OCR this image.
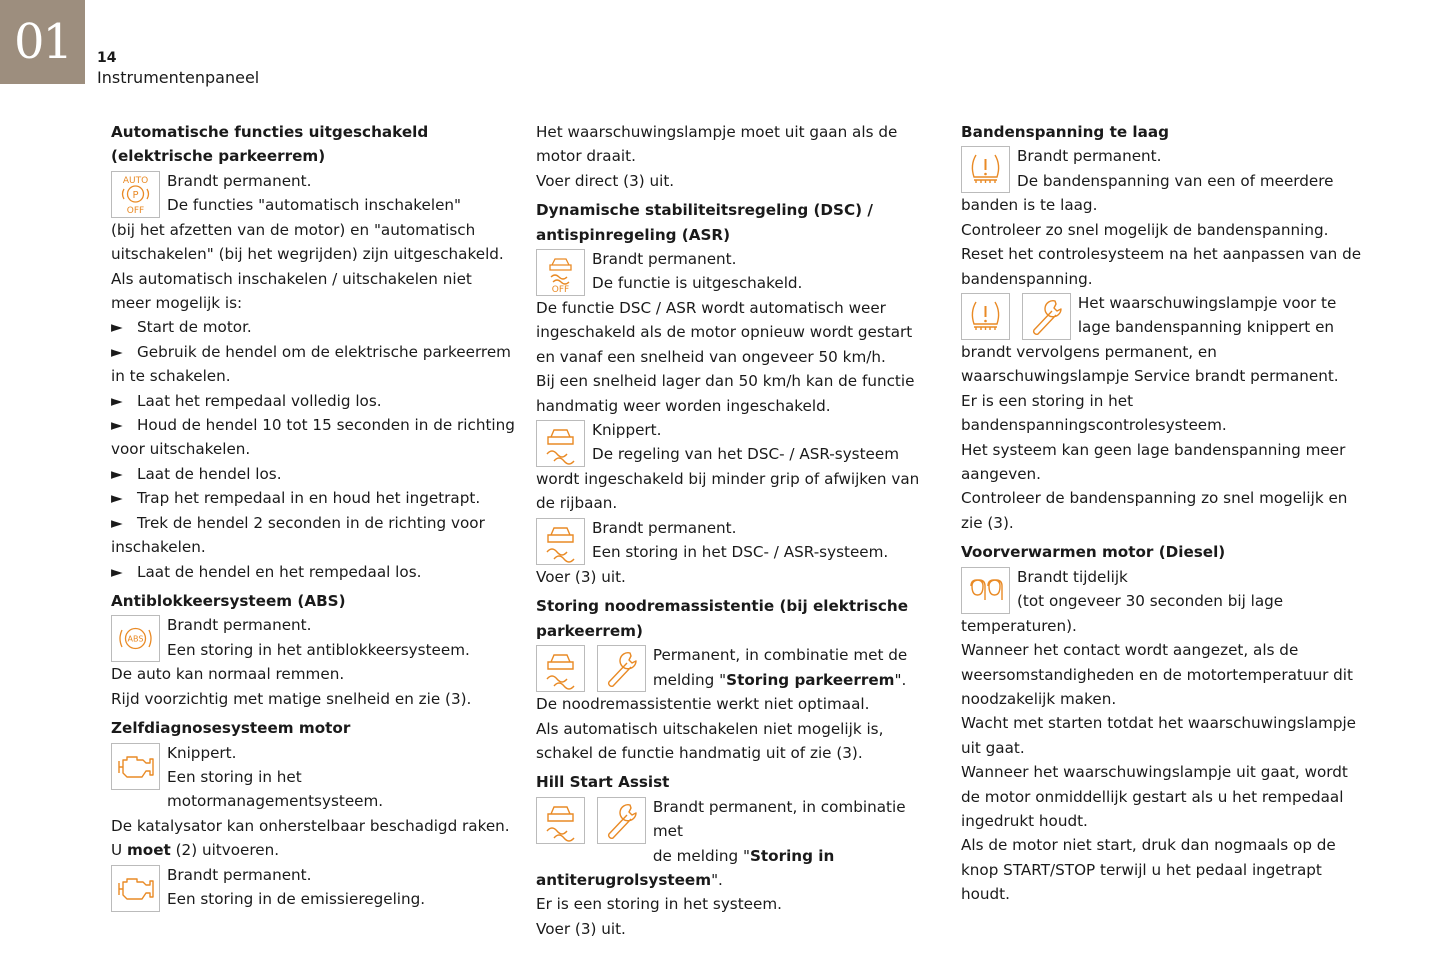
01	14
Instrumentenpaneel
Automatische functies uitgeschakeld (elektrische parkeerrem)
AUTO
P
OFF
Brandt permanent.
De functies "automatisch inschakelen"
(bij het afzetten van de motor) en "automatisch uitschakelen" (bij het wegrijden) zijn uitgeschakeld.
Als automatisch inschakelen / uitschakelen niet meer mogelijk is:
► Start de motor.
► Gebruik de hendel om de elektrische parkeerrem in te schakelen.
► Laat het rempedaal volledig los.
► Houd de hendel 10 tot 15 seconden in de richting voor uitschakelen.
► Laat de hendel los.
► Trap het rempedaal in en houd het ingetrapt.
► Trek de hendel 2 seconden in de richting voor inschakelen.
► Laat de hendel en het rempedaal los.
Antiblokkeersysteem (ABS)
ABS
Brandt permanent.
Een storing in het antiblokkeersysteem.
De auto kan normaal remmen.
Rijd voorzichtig met matige snelheid en zie (3).
Zelfdiagnosesysteem motor
Knippert.
Een storing in het motormanagementsysteem.
De katalysator kan onherstelbaar beschadigd raken.
U moet (2) uitvoeren.
Brandt permanent.
Een storing in de emissieregeling.
Het waarschuwingslampje moet uit gaan als de motor draait.
Voer direct (3) uit.
Dynamische stabiliteitsregeling (DSC) / antispinregeling (ASR)
OFF
Brandt permanent.
De functie is uitgeschakeld.
De functie DSC / ASR wordt automatisch weer ingeschakeld als de motor opnieuw wordt gestart en vanaf een snelheid van ongeveer 50 km/h.
Bij een snelheid lager dan 50 km/h kan de functie handmatig weer worden ingeschakeld.
Knippert.
De regeling van het DSC- / ASR-systeem
wordt ingeschakeld bij minder grip of afwijken van de rijbaan.
Brandt permanent.
Een storing in het DSC- / ASR-systeem.
Voer (3) uit.
Storing noodremassistentie (bij elektrische parkeerrem)

Permanent, in combinatie met de
melding "Storing parkeerrem".
De noodremassistentie werkt niet optimaal.
Als automatisch uitschakelen niet mogelijk is, schakel de functie handmatig uit of zie (3).
Hill Start Assist

Brandt permanent, in combinatie met
de melding "Storing in
antiterugrolsysteem".
Er is een storing in het systeem.
Voer (3) uit.
Bandenspanning te laag
Brandt permanent.
De bandenspanning van een of meerdere
banden is te laag.
Controleer zo snel mogelijk de bandenspanning.
Reset het controlesysteem na het aanpassen van de bandenspanning.

Het waarschuwingslampje voor te
lage bandenspanning knippert en
brandt vervolgens permanent, en waarschuwingslampje Service brandt permanent.
Er is een storing in het bandenspanningscontrolesysteem.
Het systeem kan geen lage bandenspanning meer aangeven.
Controleer de bandenspanning zo snel mogelijk en zie (3).
Voorverwarmen motor (Diesel)
Brandt tijdelijk
(tot ongeveer 30 seconden bij lage
temperaturen).
Wanneer het contact wordt aangezet, als de weersomstandigheden en de motortemperatuur dit noodzakelijk maken.
Wacht met starten totdat het waarschuwingslampje uit gaat.
Wanneer het waarschuwingslampje uit gaat, wordt de motor onmiddellijk gestart als u het rempedaal ingedrukt houdt.
Als de motor niet start, druk dan nogmaals op de knop START/STOP terwijl u het pedaal ingetrapt houdt.
